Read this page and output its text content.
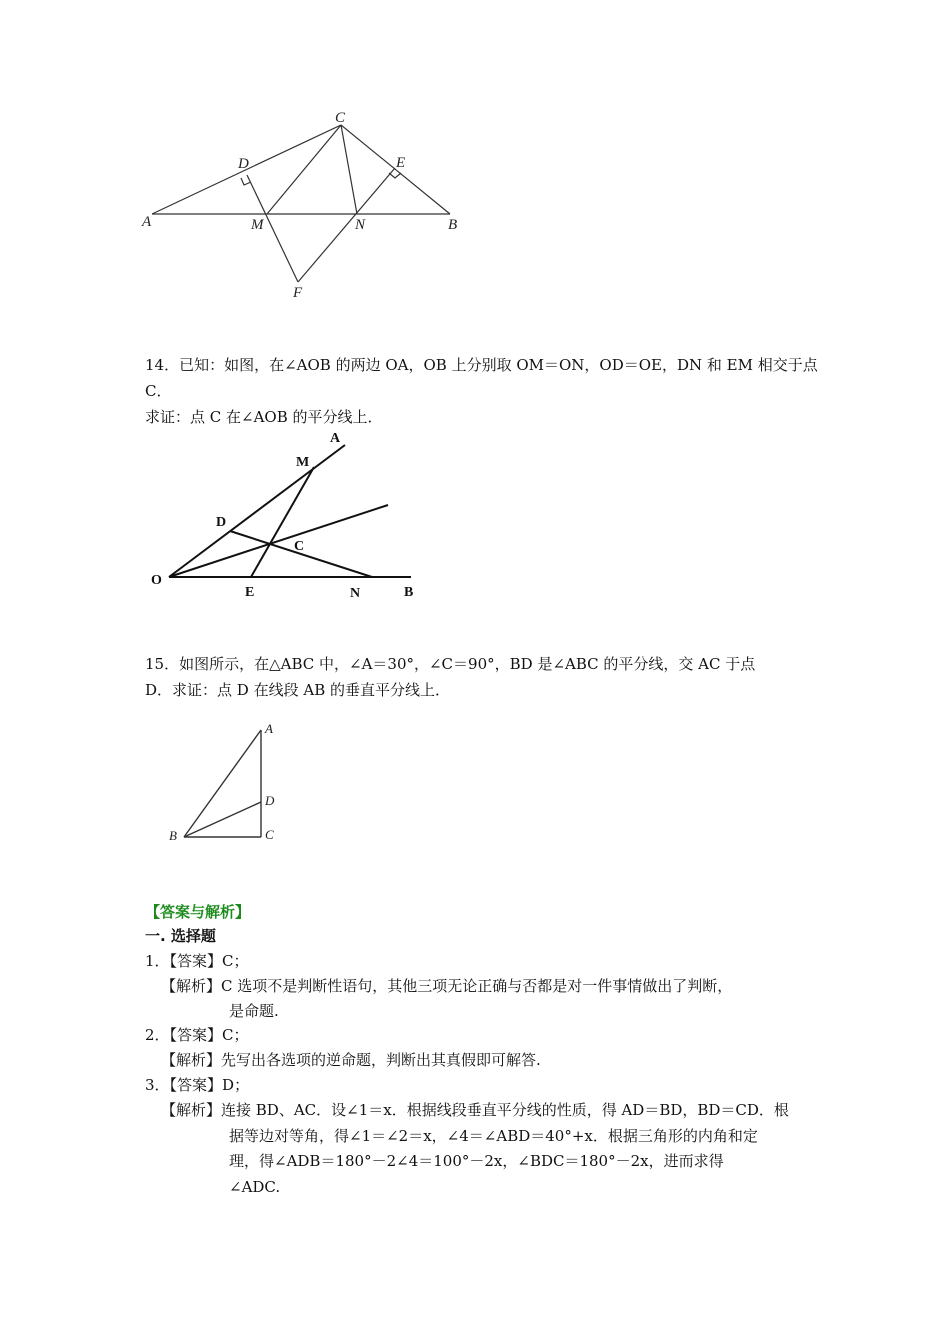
C
D	E
A	M	N	B
F
14．已知：如图，在∠AOB 的两边 OA，OB 上分别取 OM＝ON，OD＝OE，DN 和 EM 相交于点
C．
求证：点 C 在∠AOB 的平分线上．
A
M
D
C
O
E	N	B
15．如图所示，在△ABC 中，∠A＝30°，∠C＝90°，BD 是∠ABC 的平分线，交 AC 于点
D．求证：点 D 在线段 AB 的垂直平分线上．
A
D
B	C
【答案与解析】
一. 选择题
1．【答案】C；
【解析】C 选项不是判断性语句，其他三项无论正确与否都是对一件事情做出了判断，
是命题.
2．【答案】C；
【解析】先写出各选项的逆命题，判断出其真假即可解答.
3．【答案】D；
【解析】连接 BD、AC．设∠1＝x．根据线段垂直平分线的性质，得 AD＝BD，BD＝CD．根
据等边对等角，得∠1＝∠2＝x，∠4＝∠ABD＝40°+x．根据三角形的内角和定
理，得∠ADB＝180°－2∠4＝100°－2x，∠BDC＝180°－2x，进而求得
∠ADC.
